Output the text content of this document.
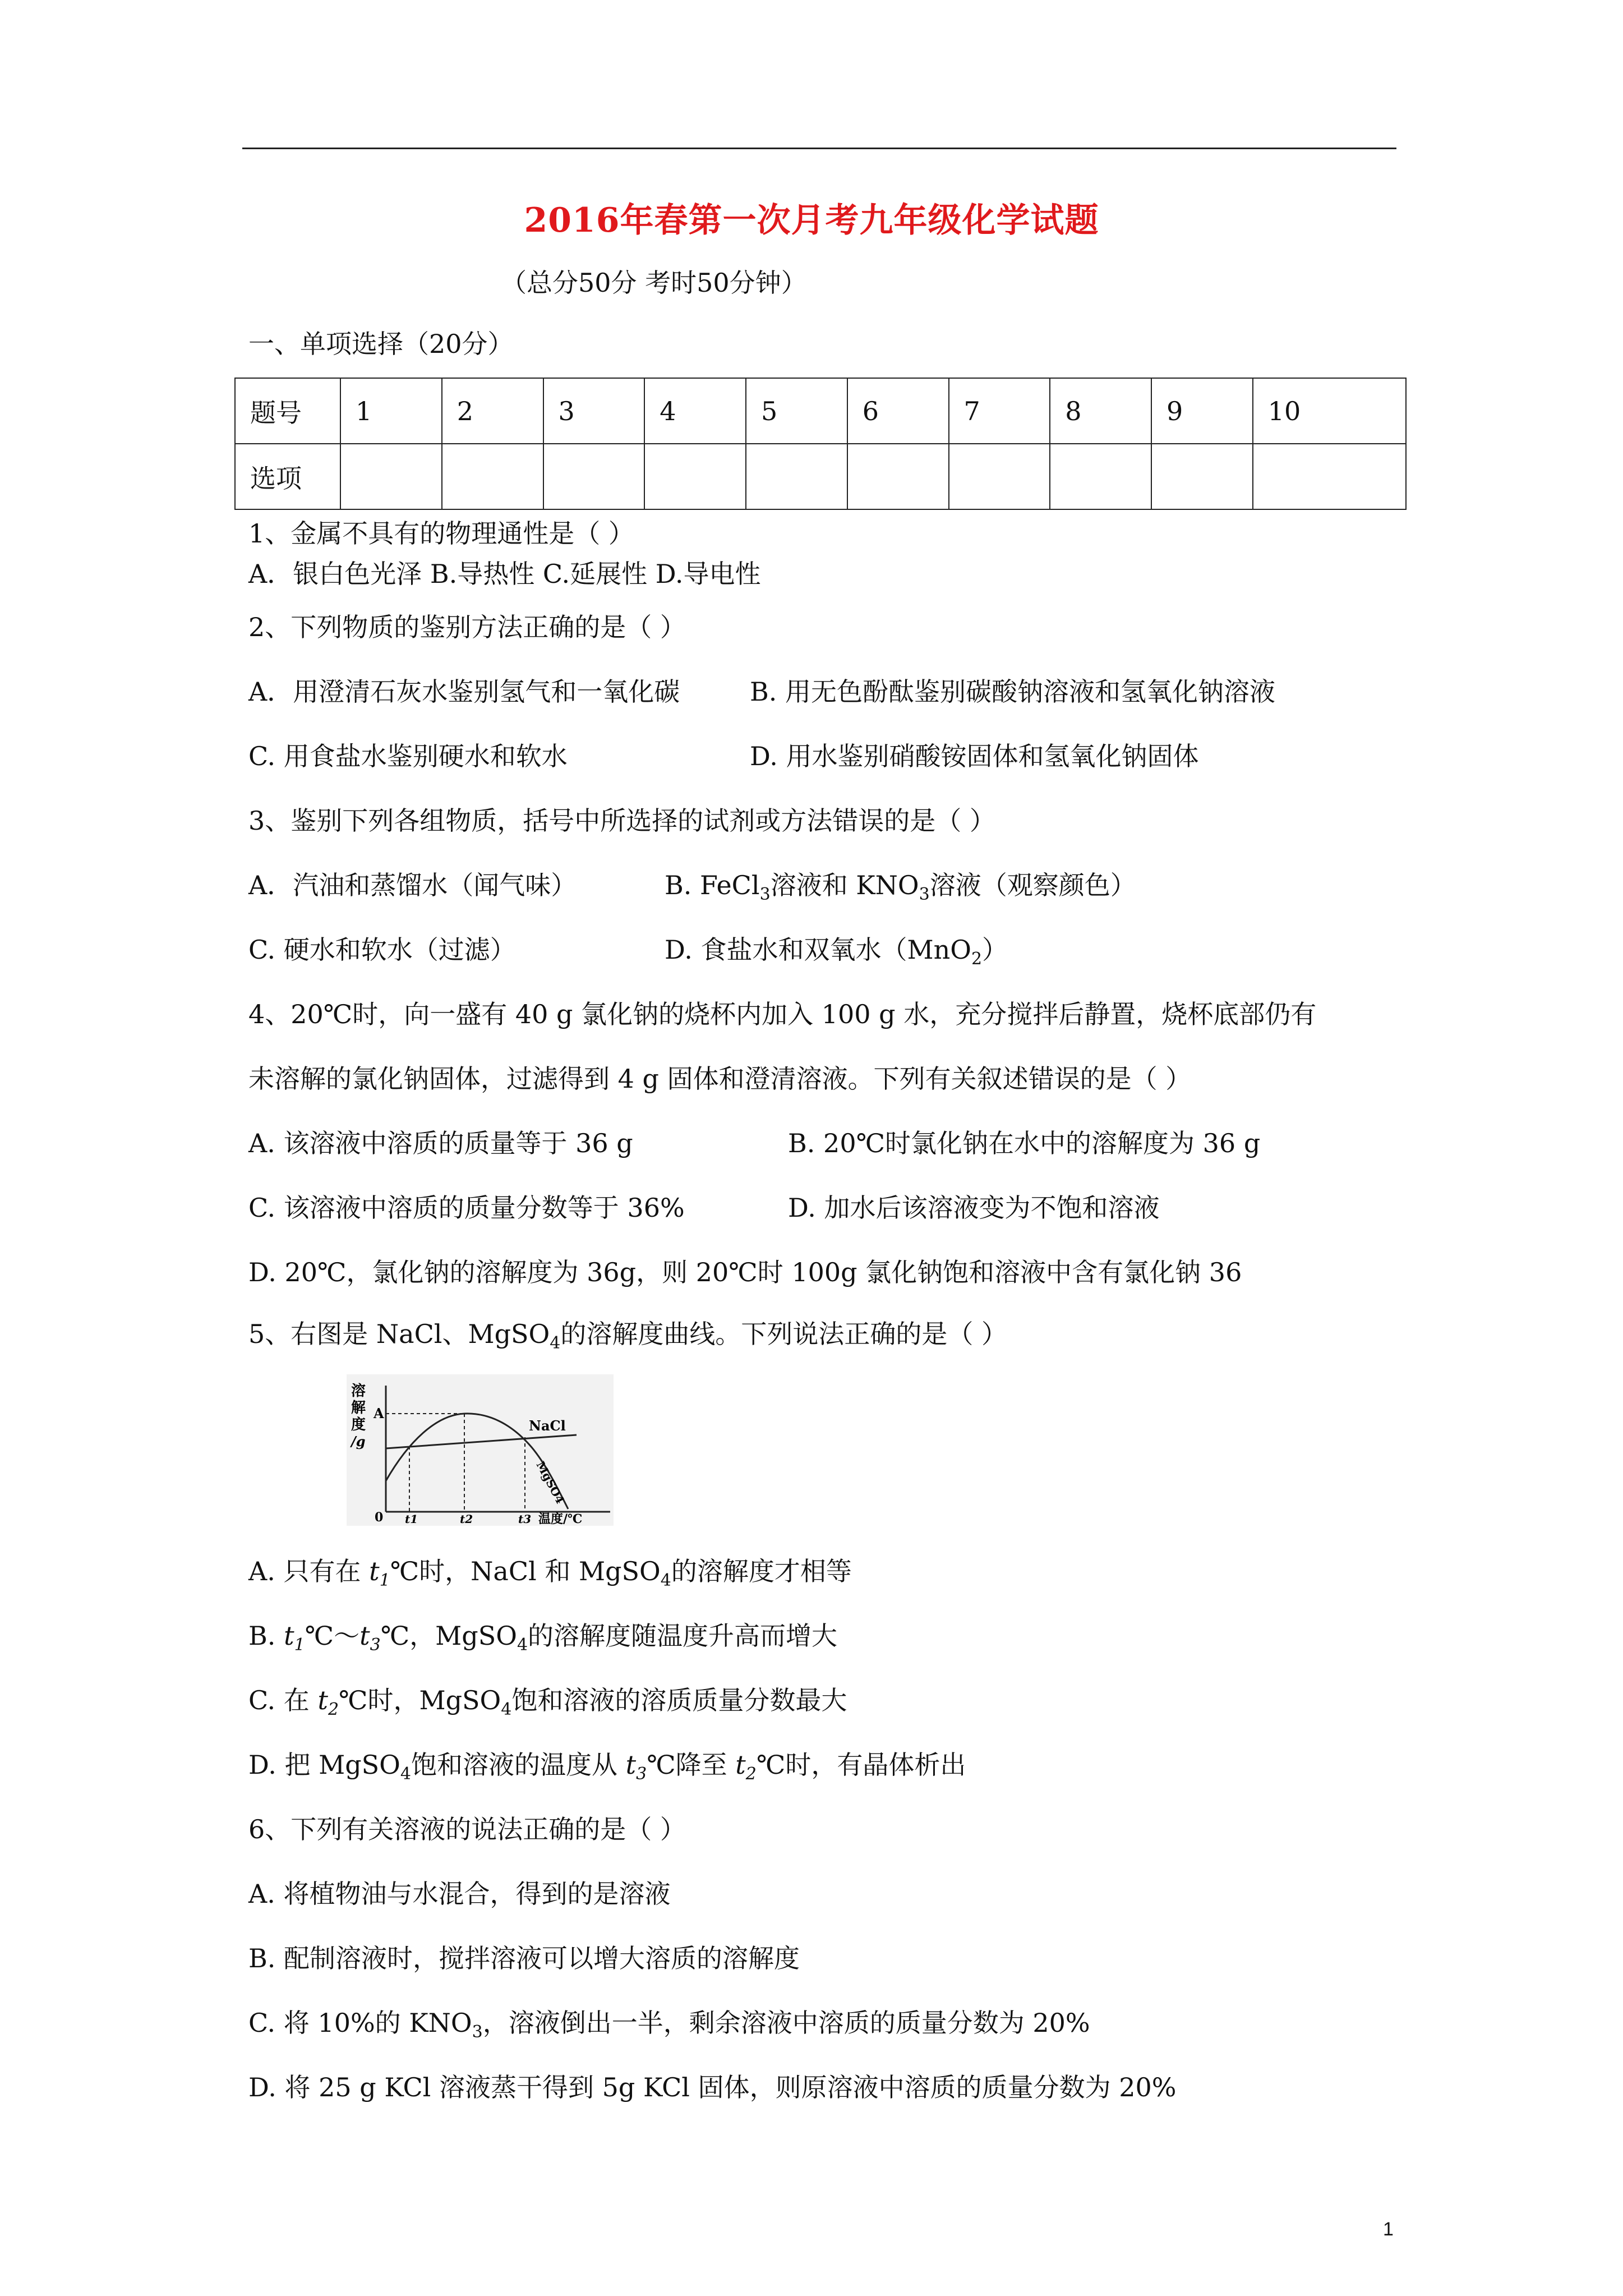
2016年春第一次月考九年级化学试题
（总分50分 考时50分钟）
一、单项选择（20分）
题号	1	2	3	4	5	6	7	8	9	10
选项										
1、金属不具有的物理通性是（ ）
A．银白色光泽 B.导热性 C.延展性 D.导电性
2、下列物质的鉴别方法正确的是（ ）
A．用澄清石灰水鉴别氢气和一氧化碳	B. 用无色酚酞鉴别碳酸钠溶液和氢氧化钠溶液
C. 用食盐水鉴别硬水和软水	D. 用水鉴别硝酸铵固体和氢氧化钠固体
3、鉴别下列各组物质，括号中所选择的试剂或方法错误的是（ ）
A．汽油和蒸馏水（闻气味）	B. FeCl$_3$溶液和 $KNO_3$溶液（观察颜色）
C. 硬水和软水（过滤）	D. 食盐水和双氧水（MnO$_2$）
4、20℃时，向一盛有 40 g 氯化钠的烧杯内加入 100 g 水，充分搅拌后静置，烧杯底部仍有
未溶解的氯化钠固体，过滤得到 4 g 固体和澄清溶液。下列有关叙述错误的是（ ）
A. 该溶液中溶质的质量等于 36 g	B. 20℃时氯化钠在水中的溶解度为 36 g
C. 该溶液中溶质的质量分数等于 36%	D. 加水后该溶液变为不饱和溶液
D. 20℃，氯化钠的溶解度为 36g，则 20℃时 100g 氯化钠饱和溶液中含有氯化钠 36
5、右图是 NaCl、MgSO$_4$的溶解度曲线。下列说法正确的是（ ）
溶
解
度
/g
A
0 t1	t2	t3 温度/℃
NaCl
MgSO4
A. 只有在 $t_1℃$时，NaCl 和 MgSO$_4$的溶解度才相等
B. $t_1℃\sim t_3℃$，MgSO$_4$的溶解度随温度升高而增大
C. 在 $t_2℃$时，MgSO$_4$饱和溶液的溶质质量分数最大
D. 把 MgSO$_4$饱和溶液的温度从 $t_3℃$降至 $t_2℃$时，有晶体析出
6、下列有关溶液的说法正确的是（ ）
A. 将植物油与水混合，得到的是溶液
B. 配制溶液时，搅拌溶液可以增大溶质的溶解度
C. 将 10%的 $KNO_3$，溶液倒出一半，剩余溶液中溶质的质量分数为 20%
D. 将 25 g KCl 溶液蒸干得到 5g KCl 固体，则原溶液中溶质的质量分数为 20%
1
